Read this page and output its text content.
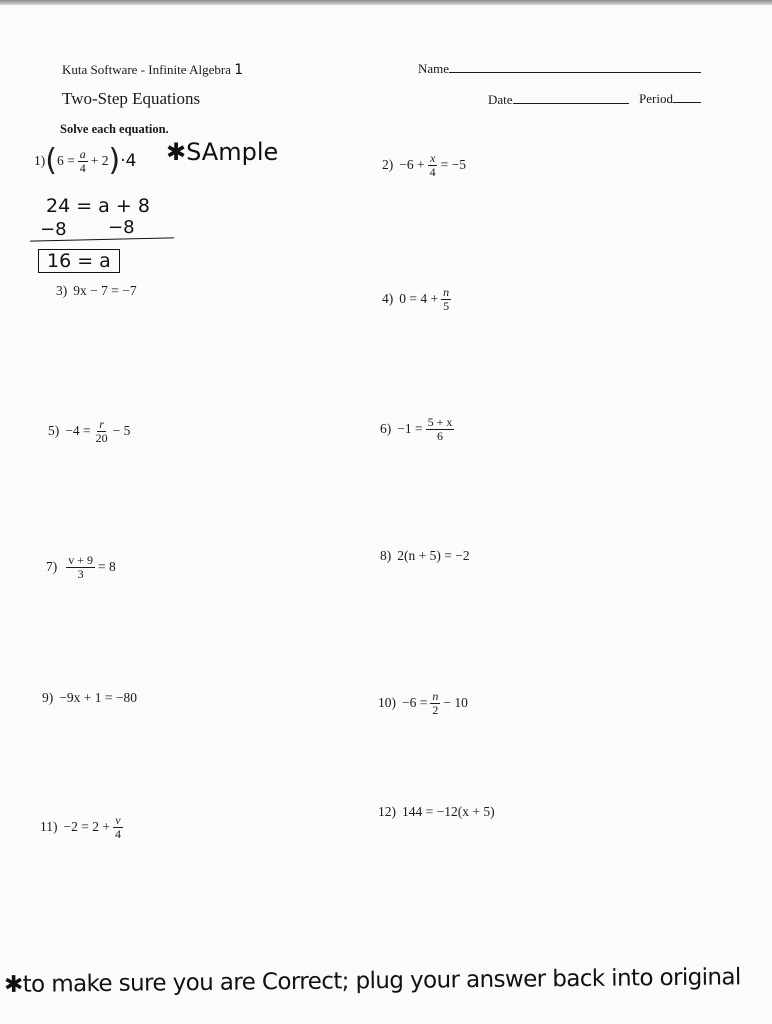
Kuta Software - Infinite Algebra 1	Name
Two-Step Equations	Date	Period
Solve each equation.
1) ( $6 = \frac{a}{4} + 2$ ) ·4 ✱SAmple
24 = a + 8
−8 −8
16 = a
$2) -6 + \frac{x}{4} = -5$
3) 9x − 7 = −7
4) $0 = 4 + \frac{n}{5}$
$5) -4 = \frac{r}{20} - 5$	$6) -1 = \frac{5 + x}{6}$
$7) \frac{v + 9}{3} = 8$
8) 2(n + 5) = −2
9) −9x + 1 = −80	$10) -6 = \frac{n}{2} - 10$
$11) -2 = 2 + \frac{v}{4}$
12) 144 = −12(x + 5)
✱to make sure you are Correct; plug your answer back into original
